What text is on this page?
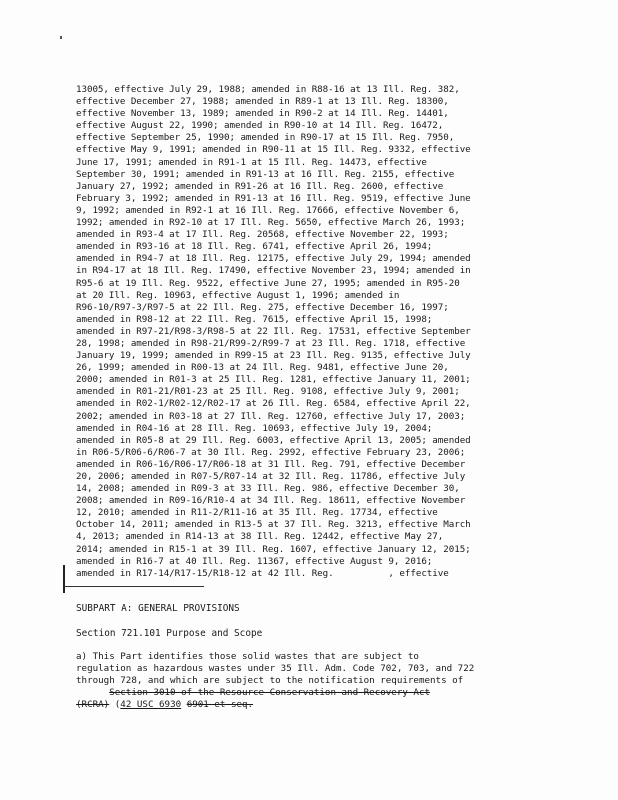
13005, effective July 29, 1988; amended in R88-16 at 13 Ill. Reg. 382,
effective December 27, 1988; amended in R89-1 at 13 Ill. Reg. 18300,
effective November 13, 1989; amended in R90-2 at 14 Ill. Reg. 14401,
effective August 22, 1990; amended in R90-10 at 14 Ill. Reg. 16472,
effective September 25, 1990; amended in R90-17 at 15 Ill. Reg. 7950,
effective May 9, 1991; amended in R90-11 at 15 Ill. Reg. 9332, effective
June 17, 1991; amended in R91-1 at 15 Ill. Reg. 14473, effective
September 30, 1991; amended in R91-13 at 16 Ill. Reg. 2155, effective
January 27, 1992; amended in R91-26 at 16 Ill. Reg. 2600, effective
February 3, 1992; amended in R91-13 at 16 Ill. Reg. 9519, effective June
9, 1992; amended in R92-1 at 16 Ill. Reg. 17666, effective November 6,
1992; amended in R92-10 at 17 Ill. Reg. 5650, effective March 26, 1993;
amended in R93-4 at 17 Ill. Reg. 20568, effective November 22, 1993;
amended in R93-16 at 18 Ill. Reg. 6741, effective April 26, 1994;
amended in R94-7 at 18 Ill. Reg. 12175, effective July 29, 1994; amended
in R94-17 at 18 Ill. Reg. 17490, effective November 23, 1994; amended in
R95-6 at 19 Ill. Reg. 9522, effective June 27, 1995; amended in R95-20
at 20 Ill. Reg. 10963, effective August 1, 1996; amended in
R96-10/R97-3/R97-5 at 22 Ill. Reg. 275, effective December 16, 1997;
amended in R98-12 at 22 Ill. Reg. 7615, effective April 15, 1998;
amended in R97-21/R98-3/R98-5 at 22 Ill. Reg. 17531, effective September
28, 1998; amended in R98-21/R99-2/R99-7 at 23 Ill. Reg. 1718, effective
January 19, 1999; amended in R99-15 at 23 Ill. Reg. 9135, effective July
26, 1999; amended in R00-13 at 24 Ill. Reg. 9481, effective June 20,
2000; amended in R01-3 at 25 Ill. Reg. 1281, effective January 11, 2001;
amended in R01-21/R01-23 at 25 Ill. Reg. 9108, effective July 9, 2001;
amended in R02-1/R02-12/R02-17 at 26 Ill. Reg. 6584, effective April 22,
2002; amended in R03-18 at 27 Ill. Reg. 12760, effective July 17, 2003;
amended in R04-16 at 28 Ill. Reg. 10693, effective July 19, 2004;
amended in R05-8 at 29 Ill. Reg. 6003, effective April 13, 2005; amended
in R06-5/R06-6/R06-7 at 30 Ill. Reg. 2992, effective February 23, 2006;
amended in R06-16/R06-17/R06-18 at 31 Ill. Reg. 791, effective December
20, 2006; amended in R07-5/R07-14 at 32 Ill. Reg. 11786, effective July
14, 2008; amended in R09-3 at 33 Ill. Reg. 986, effective December 30,
2008; amended in R09-16/R10-4 at 34 Ill. Reg. 18611, effective November
12, 2010; amended in R11-2/R11-16 at 35 Ill. Reg. 17734, effective
October 14, 2011; amended in R13-5 at 37 Ill. Reg. 3213, effective March
4, 2013; amended in R14-13 at 38 Ill. Reg. 12442, effective May 27,
2014; amended in R15-1 at 39 Ill. Reg. 1607, effective January 12, 2015;
amended in R16-7 at 40 Ill. Reg. 11367, effective August 9, 2016;
amended in R17-14/R17-15/R18-12 at 42 Ill. Reg.          , effective
SUBPART A: GENERAL PROVISIONS
Section 721.101 Purpose and Scope
a) This Part identifies those solid wastes that are subject to
regulation as hazardous wastes under 35 Ill. Adm. Code 702, 703, and 722
through 728, and which are subject to the notification requirements of
Section 3010 of the Resource Conservation and Recovery Act
(RCRA) (42 USC 6930 6901 et seq.
